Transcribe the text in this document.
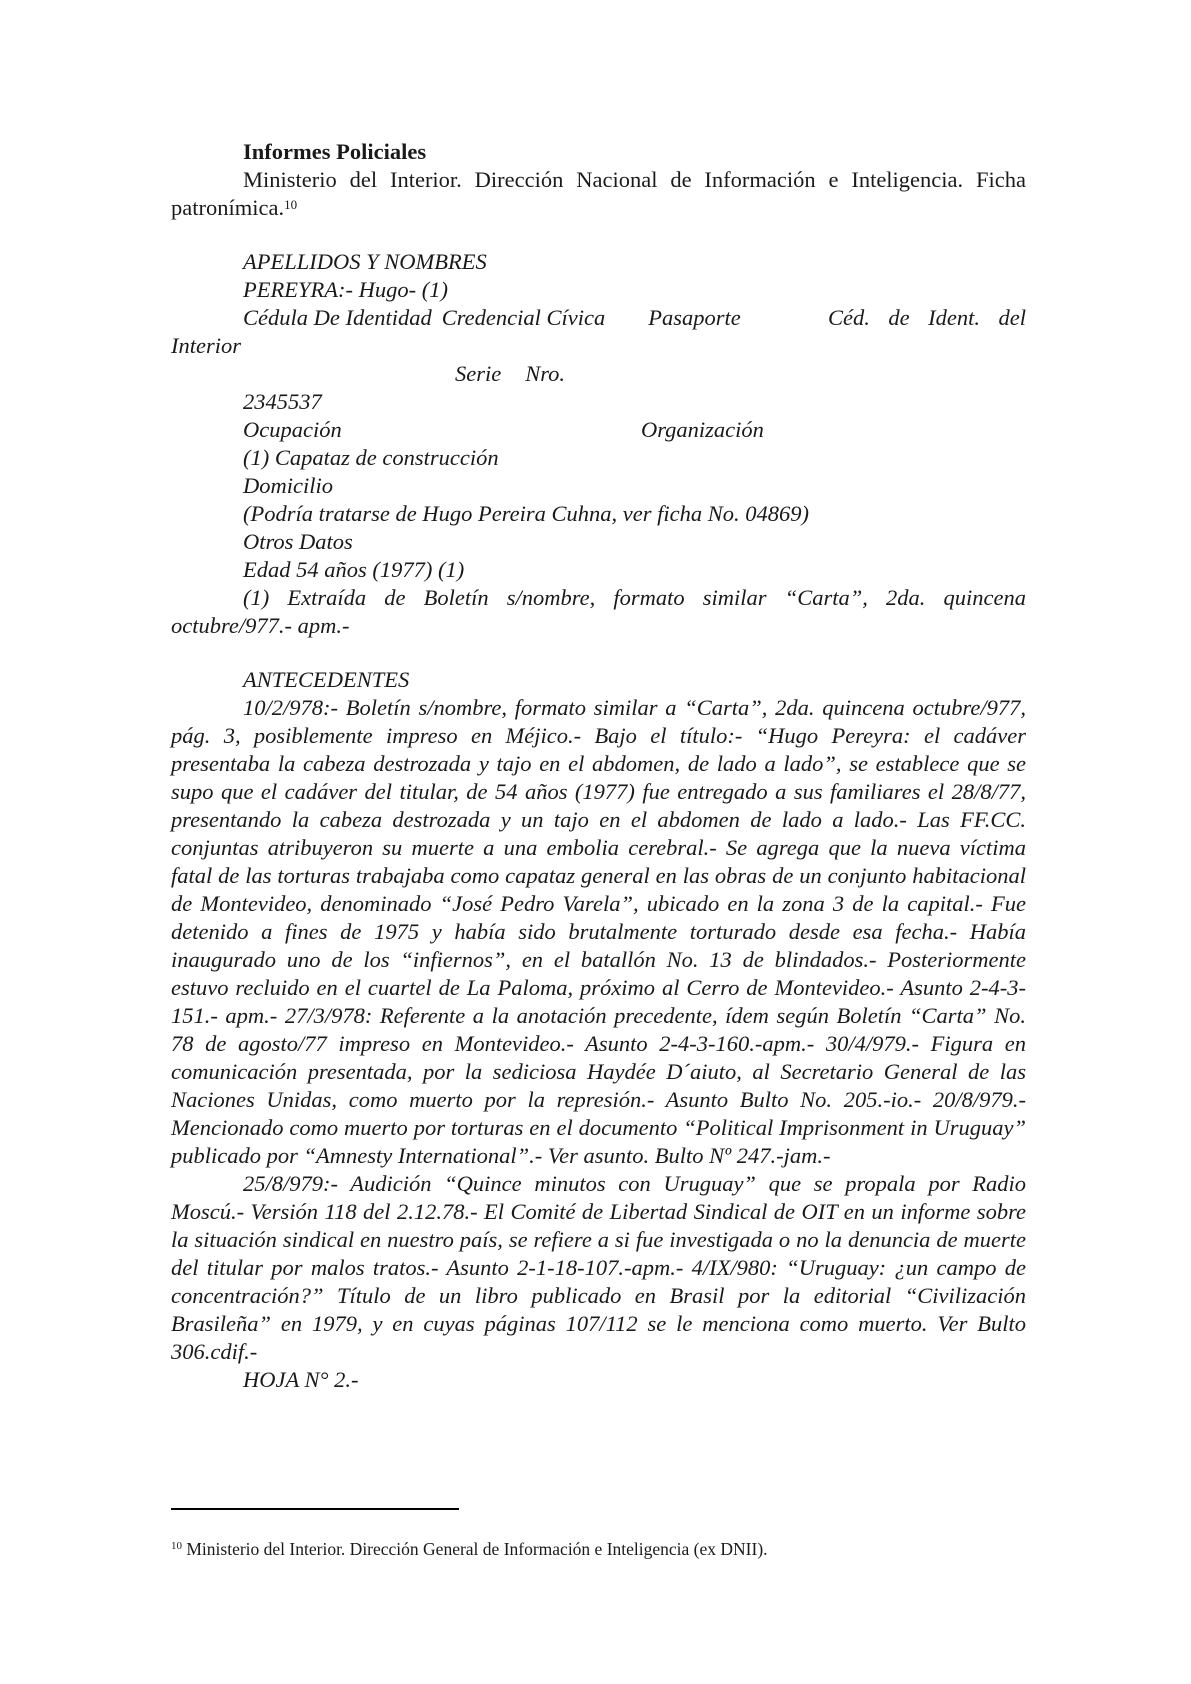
Informes Policiales

Ministerio del Interior. Dirección Nacional de Información e Inteligencia. Ficha patronímica.$^{10}$

APELLIDOS Y NOMBRES

PEREYRA:- Hugo- (1)

Cédula De Identidad Credencial Cívica Pasaporte	Céd. de Ident. del

Interior

Serie Nro.

2345537

Ocupación	Organización

(1) Capataz de construcción

Domicilio

(Podría tratarse de Hugo Pereira Cuhna, ver ficha No. 04869)

Otros Datos

Edad 54 años (1977) (1)

(1) Extraída de Boletín s/nombre, formato similar “Carta”, 2da. quincena octubre/977.- apm.-

ANTECEDENTES

10/2/978:- Boletín s/nombre, formato similar a “Carta”, 2da. quincena octubre/977, pág. 3, posiblemente impreso en Méjico.- Bajo el título:- “Hugo Pereyra: el cadáver presentaba la cabeza destrozada y tajo en el abdomen, de lado a lado”, se establece que se supo que el cadáver del titular, de 54 años (1977) fue entregado a sus familiares el 28/8/77, presentando la cabeza destrozada y un tajo en el abdomen de lado a lado.- Las FF.CC. conjuntas atribuyeron su muerte a una embolia cerebral.- Se agrega que la nueva víctima fatal de las torturas trabajaba como capataz general en las obras de un conjunto habitacional de Montevideo, denominado “José Pedro Varela”, ubicado en la zona 3 de la capital.- Fue detenido a fines de 1975 y había sido brutalmente torturado desde esa fecha.- Había inaugurado uno de los “infiernos”, en el batallón No. 13 de blindados.- Posteriormente estuvo recluido en el cuartel de La Paloma, próximo al Cerro de Montevideo.- Asunto 2-4-3-151.- apm.- 27/3/978: Referente a la anotación precedente, ídem según Boletín “Carta” No. 78 de agosto/77 impreso en Montevideo.- Asunto 2-4-3-160.-apm.- 30/4/979.- Figura en comunicación presentada, por la sediciosa Haydée D´aiuto, al Secretario General de las Naciones Unidas, como muerto por la represión.- Asunto Bulto No. 205.-io.- 20/8/979.- Mencionado como muerto por torturas en el documento “Political Imprisonment in Uruguay” publicado por “Amnesty International”.- Ver asunto. Bulto Nº 247.-jam.-

25/8/979:- Audición “Quince minutos con Uruguay” que se propala por Radio Moscú.- Versión 118 del 2.12.78.- El Comité de Libertad Sindical de OIT en un informe sobre la situación sindical en nuestro país, se refiere a si fue investigada o no la denuncia de muerte del titular por malos tratos.- Asunto 2-1-18-107.-apm.- 4/IX/980: “Uruguay: ¿un campo de concentración?” Título de un libro publicado en Brasil por la editorial “Civilización Brasileña” en 1979, y en cuyas páginas 107/112 se le menciona como muerto. Ver Bulto 306.cdif.-

HOJA N° 2.-

$^{10}$ Ministerio del Interior. Dirección General de Información e Inteligencia (ex DNII).
